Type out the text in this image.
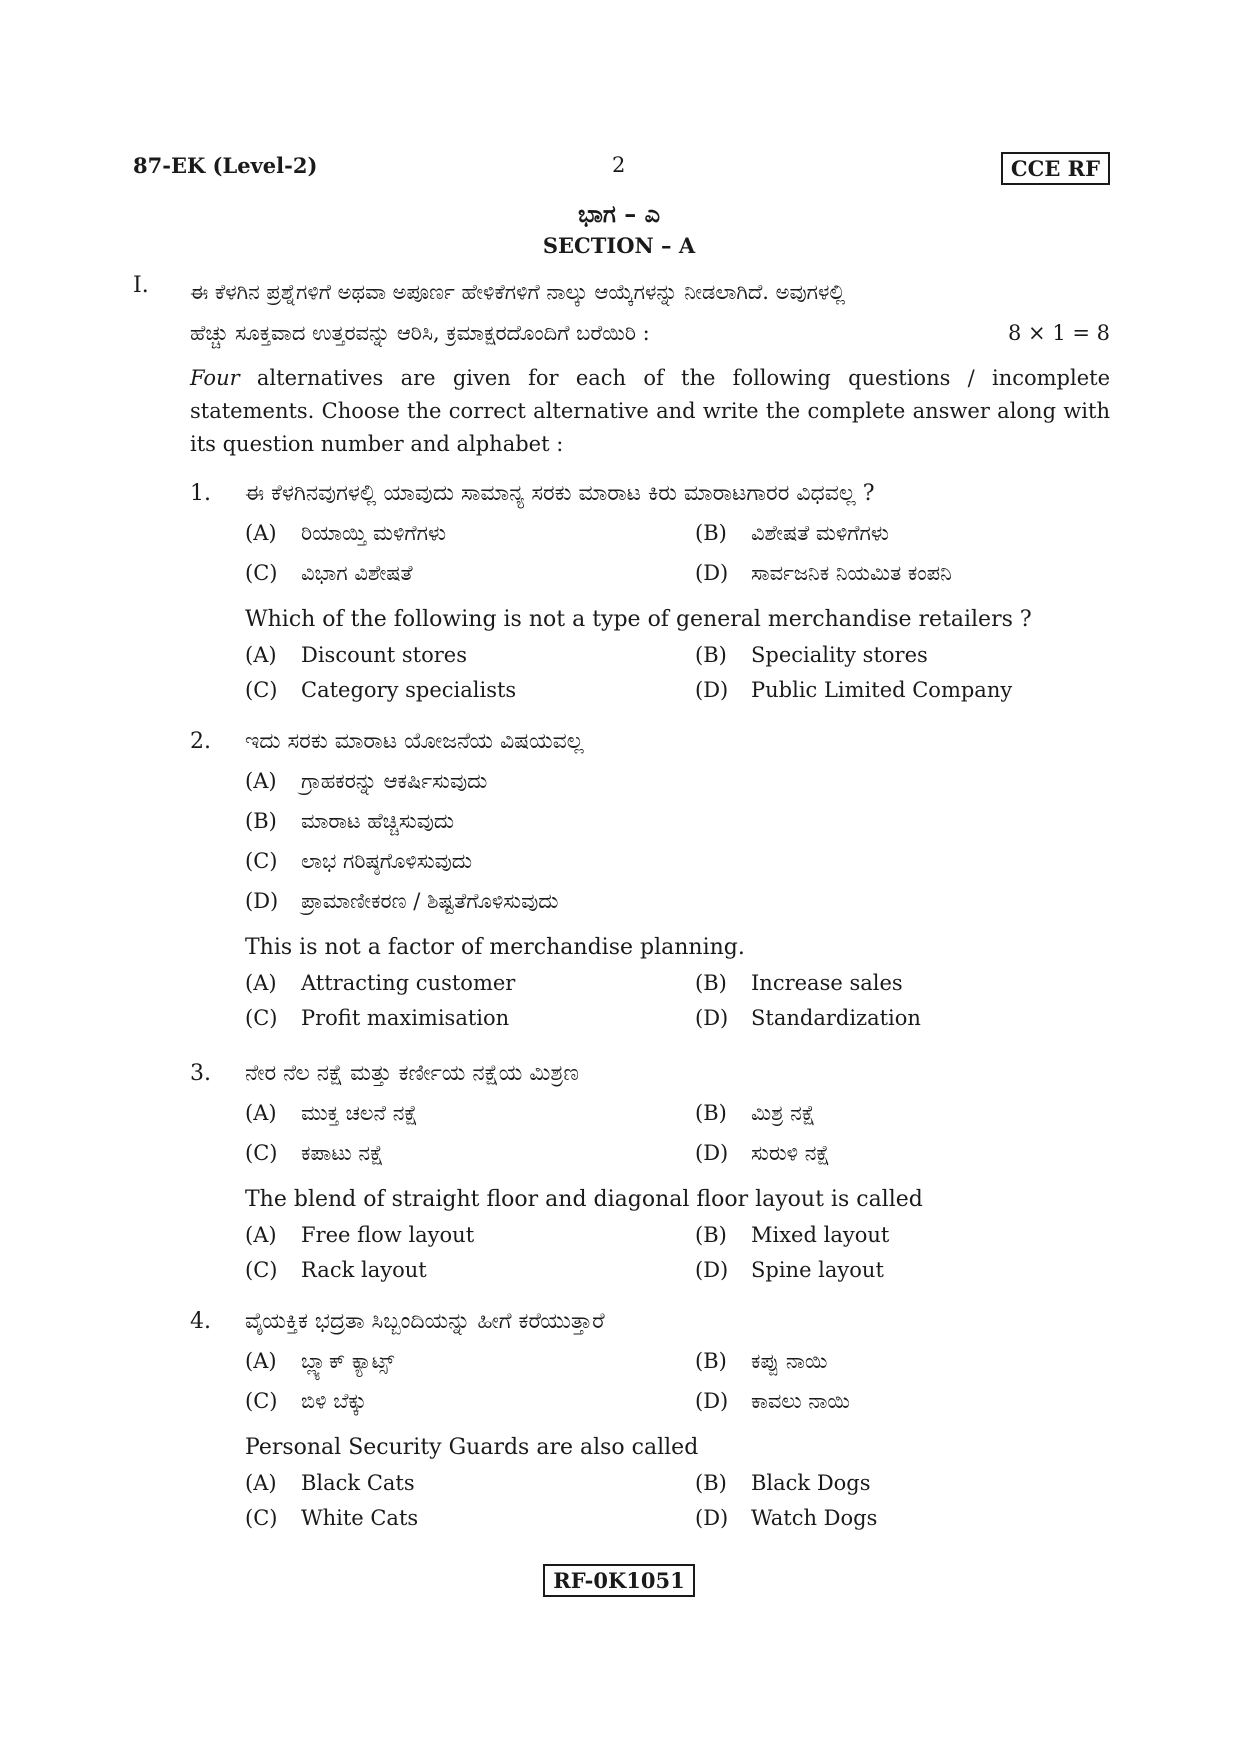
87-EK (Level-2)	2	CCE RF
ಭಾಗ – ಎ
SECTION – A
I. ಈ ಕೆಳಗಿನ ಪ್ರಶ್ನೆಗಳಿಗೆ ಅಥವಾ ಅಪೂರ್ಣ ಹೇಳಿಕೆಗಳಿಗೆ ನಾಲ್ಕು ಆಯ್ಕೆಗಳನ್ನು ನೀಡಲಾಗಿದೆ. ಅವುಗಳಲ್ಲಿ
ಹೆಚ್ಚು ಸೂಕ್ತವಾದ ಉತ್ತರವನ್ನು ಆರಿಸಿ, ಕ್ರಮಾಕ್ಷರದೊಂದಿಗೆ ಬರೆಯಿರಿ :	8 × 1 = 8
Four alternatives are given for each of the following questions / incomplete statements. Choose the correct alternative and write the complete answer along with its question number and alphabet :
1. ಈ ಕೆಳಗಿನವುಗಳಲ್ಲಿ ಯಾವುದು ಸಾಮಾನ್ಯ ಸರಕು ಮಾರಾಟ ಕಿರು ಮಾರಾಟಗಾರರ ವಿಧವಲ್ಲ ?
(A) ರಿಯಾಯ್ತಿ ಮಳಿಗೆಗಳು	(B) ವಿಶೇಷತೆ ಮಳಿಗೆಗಳು
(C) ವಿಭಾಗ ವಿಶೇಷತೆ	(D) ಸಾರ್ವಜನಿಕ ನಿಯಮಿತ ಕಂಪನಿ
Which of the following is not a type of general merchandise retailers ?
(A) Discount stores	(B) Speciality stores
(C) Category specialists	(D) Public Limited Company
2. ಇದು ಸರಕು ಮಾರಾಟ ಯೋಜನೆಯ ವಿಷಯವಲ್ಲ
(A) ಗ್ರಾಹಕರನ್ನು ಆಕರ್ಷಿಸುವುದು
(B) ಮಾರಾಟ ಹೆಚ್ಚಿಸುವುದು
(C) ಲಾಭ ಗರಿಷ್ಠಗೊಳಿಸುವುದು
(D) ಪ್ರಾಮಾಣೀಕರಣ / ಶಿಷ್ಟತೆಗೊಳಿಸುವುದು
This is not a factor of merchandise planning.
(A) Attracting customer	(B) Increase sales
(C) Profit maximisation	(D) Standardization
3. ನೇರ ನೆಲ ನಕ್ಷೆ ಮತ್ತು ಕರ್ಣೀಯ ನಕ್ಷೆಯ ಮಿಶ್ರಣ
(A) ಮುಕ್ತ ಚಲನೆ ನಕ್ಷೆ	(B) ಮಿಶ್ರ ನಕ್ಷೆ
(C) ಕಪಾಟು ನಕ್ಷೆ	(D) ಸುರುಳಿ ನಕ್ಷೆ
The blend of straight floor and diagonal floor layout is called
(A) Free flow layout	(B) Mixed layout
(C) Rack layout	(D) Spine layout
4. ವೈಯಕ್ತಿಕ ಭದ್ರತಾ ಸಿಬ್ಬಂದಿಯನ್ನು ಹೀಗೆ ಕರೆಯುತ್ತಾರೆ
(A) ಬ್ಲ್ಯಾಕ್ ಕ್ಯಾಟ್ಸ್	(B) ಕಪ್ಪು ನಾಯಿ
(C) ಬಿಳಿ ಬೆಕ್ಕು	(D) ಕಾವಲು ನಾಯಿ
Personal Security Guards are also called
(A) Black Cats	(B) Black Dogs
(C) White Cats	(D) Watch Dogs
RF-0K1051
